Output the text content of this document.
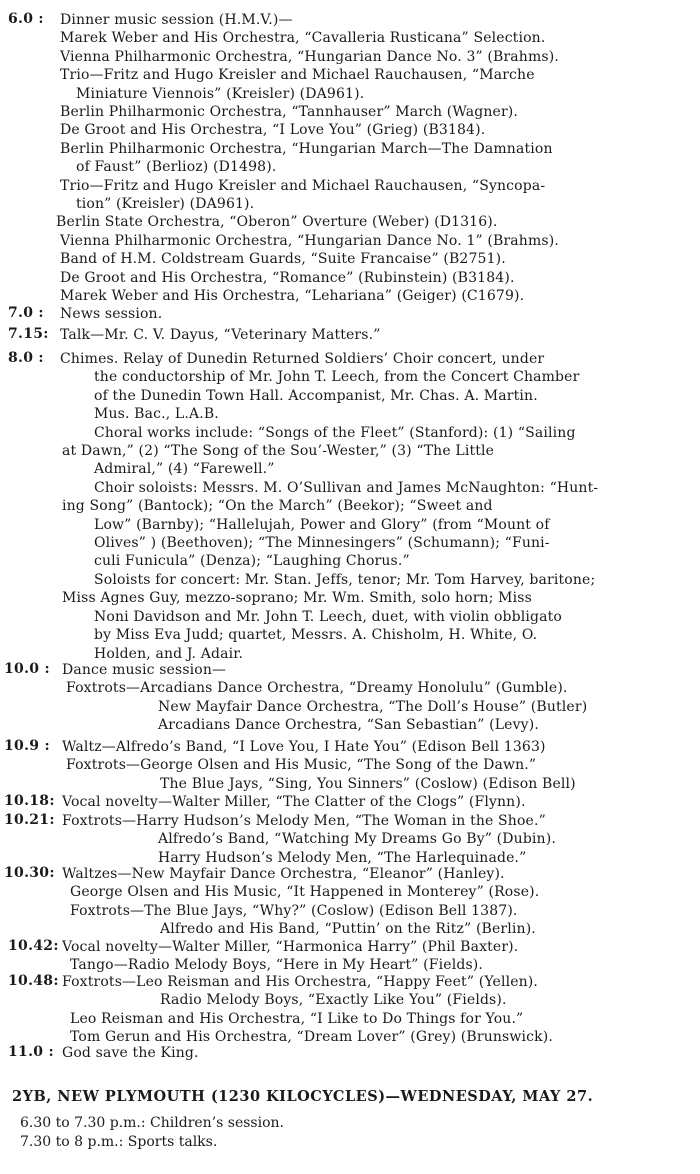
6.0 :	Dinner music session (H.M.V.)—
Marek Weber and His Orchestra, “Cavalleria Rusticana” Selection.
Vienna Philharmonic Orchestra, “Hungarian Dance No. 3” (Brahms).
Trio—Fritz and Hugo Kreisler and Michael Rauchausen, “Marche
Miniature Viennois” (Kreisler) (DA961).
Berlin Philharmonic Orchestra, “Tannhauser” March (Wagner).
De Groot and His Orchestra, “I Love You” (Grieg) (B3184).
Berlin Philharmonic Orchestra, “Hungarian March—The Damnation
of Faust” (Berlioz) (D1498).
Trio—Fritz and Hugo Kreisler and Michael Rauchausen, “Syncopa-
tion” (Kreisler) (DA961).
Berlin State Orchestra, “Oberon” Overture (Weber) (D1316).
Vienna Philharmonic Orchestra, “Hungarian Dance No. 1” (Brahms).
Band of H.M. Coldstream Guards, “Suite Francaise” (B2751).
De Groot and His Orchestra, “Romance” (Rubinstein) (B3184).
Marek Weber and His Orchestra, “Lehariana” (Geiger) (C1679).
7.0 :	News session.
7.15: Talk—Mr. C. V. Dayus, “Veterinary Matters.”
8.0 :	Chimes. Relay of Dunedin Returned Soldiers’ Choir concert, under
the conductorship of Mr. John T. Leech, from the Concert Chamber
of the Dunedin Town Hall. Accompanist, Mr. Chas. A. Martin.
Mus. Bac., L.A.B.
Choral works include: “Songs of the Fleet” (Stanford): (1) “Sailing
at Dawn,” (2) “The Song of the Sou’-Wester,” (3) “The Little
Admiral,” (4) “Farewell.”
Choir soloists: Messrs. M. O’Sullivan and James McNaughton: “Hunt-
ing Song” (Bantock); “On the March” (Beekor); “Sweet and
Low” (Barnby); “Hallelujah, Power and Glory” (from “Mount of
Olives” ) (Beethoven); “The Minnesingers” (Schumann); “Funi-
culi Funicula” (Denza); “Laughing Chorus.”
Soloists for concert: Mr. Stan. Jeffs, tenor; Mr. Tom Harvey, baritone;
Miss Agnes Guy, mezzo-soprano; Mr. Wm. Smith, solo horn; Miss
Noni Davidson and Mr. John T. Leech, duet, with violin obbligato
by Miss Eva Judd; quartet, Messrs. A. Chisholm, H. White, O.
Holden, and J. Adair.
10.0 : Dance music session—
Foxtrots—Arcadians Dance Orchestra, “Dreamy Honolulu” (Gumble).
New Mayfair Dance Orchestra, “The Doll’s House” (Butler)
Arcadians Dance Orchestra, “San Sebastian” (Levy).
10.9 : Waltz—Alfredo’s Band, “I Love You, I Hate You” (Edison Bell 1363)
Foxtrots—George Olsen and His Music, “The Song of the Dawn.”
The Blue Jays, “Sing, You Sinners” (Coslow) (Edison Bell)
10.18: Vocal novelty—Walter Miller, “The Clatter of the Clogs” (Flynn).
10.21: Foxtrots—Harry Hudson’s Melody Men, “The Woman in the Shoe.”
Alfredo’s Band, “Watching My Dreams Go By” (Dubin).
Harry Hudson’s Melody Men, “The Harlequinade.”
10.30: Waltzes—New Mayfair Dance Orchestra, “Eleanor” (Hanley).
George Olsen and His Music, “It Happened in Monterey” (Rose).
Foxtrots—The Blue Jays, “Why?” (Coslow) (Edison Bell 1387).
Alfredo and His Band, “Puttin’ on the Ritz” (Berlin).
10.42: Vocal novelty—Walter Miller, “Harmonica Harry” (Phil Baxter).
Tango—Radio Melody Boys, “Here in My Heart” (Fields).
10.48: Foxtrots—Leo Reisman and His Orchestra, “Happy Feet” (Yellen).
Radio Melody Boys, “Exactly Like You” (Fields).
Leo Reisman and His Orchestra, “I Like to Do Things for You.”
Tom Gerun and His Orchestra, “Dream Lover” (Grey) (Brunswick).
11.0 : God save the King.
2YB, NEW PLYMOUTH (1230 KILOCYCLES)—WEDNESDAY, MAY 27.
6.30 to 7.30 p.m.: Children’s session.
7.30 to 8 p.m.: Sports talks.
